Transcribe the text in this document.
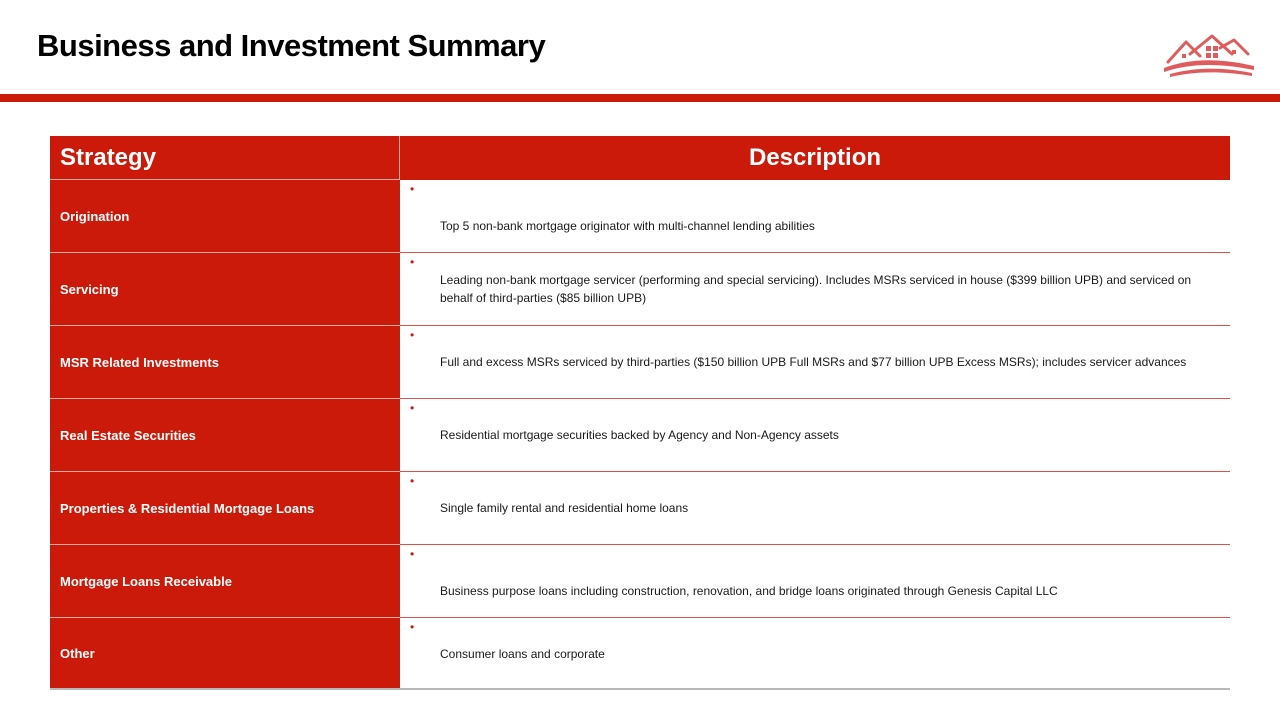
Business and Investment Summary
Strategy	Description
Origination
•
Top 5 non-bank mortgage originator with multi-channel lending abilities
Servicing
•
Leading non-bank mortgage servicer (performing and special servicing). Includes MSRs serviced in house ($399 billion UPB) and serviced on behalf of third-parties ($85 billion UPB)
MSR Related Investments
•
Full and excess MSRs serviced by third-parties ($150 billion UPB Full MSRs and $77 billion UPB Excess MSRs); includes servicer advances
Real Estate Securities
•
Residential mortgage securities backed by Agency and Non-Agency assets
Properties & Residential Mortgage Loans
•
Single family rental and residential home loans
Mortgage Loans Receivable
•
Business purpose loans including construction, renovation, and bridge loans originated through Genesis Capital LLC
Other
•
Consumer loans and corporate
